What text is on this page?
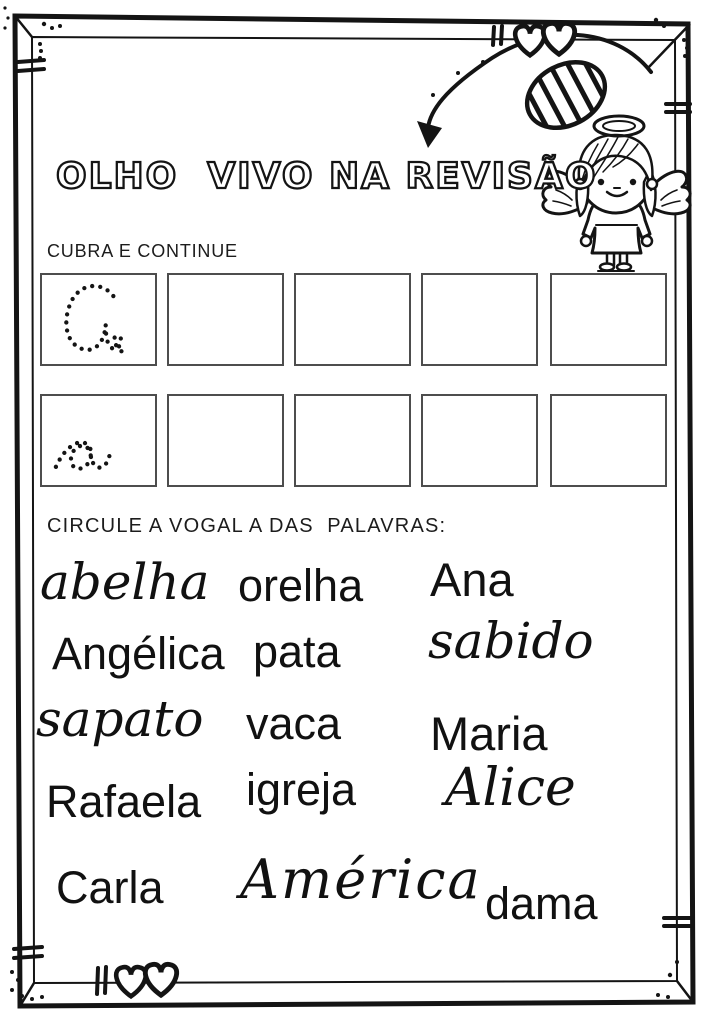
OLHO  VIVO NA REVISÃO
CUBRA E CONTINUE
CIRCULE A VOGAL A DAS  PALAVRAS:
abelha orelha Ana
Angélica pata sabido
sapato vaca Maria
Rafaela igreja Alice
Carla América dama
